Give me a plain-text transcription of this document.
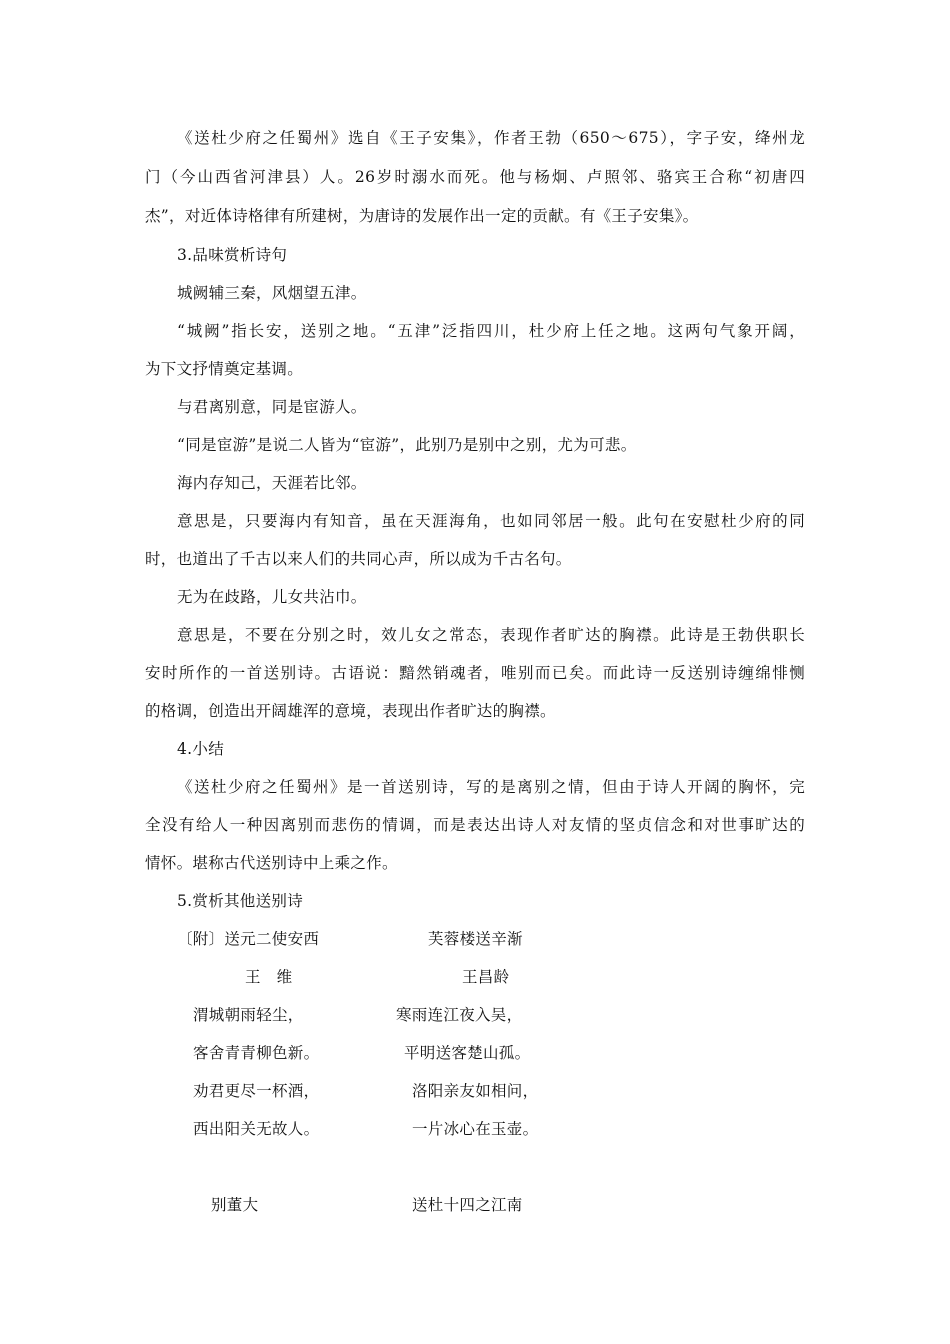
《送杜少府之任蜀州》选自《王子安集》，作者王勃（650～675），字子安，绛州龙
门（今山西省河津县）人。26岁时溺水而死。他与杨炯、卢照邻、骆宾王合称“初唐四
杰”，对近体诗格律有所建树，为唐诗的发展作出一定的贡献。有《王子安集》。
3.品味赏析诗句
城阙辅三秦，风烟望五津。
“城阙”指长安，送别之地。“五津”泛指四川，杜少府上任之地。这两句气象开阔，
为下文抒情奠定基调。
与君离别意，同是宦游人。
“同是宦游”是说二人皆为“宦游”，此别乃是别中之别，尤为可悲。
海内存知己，天涯若比邻。
意思是，只要海内有知音，虽在天涯海角，也如同邻居一般。此句在安慰杜少府的同
时，也道出了千古以来人们的共同心声，所以成为千古名句。
无为在歧路，儿女共沾巾。
意思是，不要在分别之时，效儿女之常态，表现作者旷达的胸襟。此诗是王勃供职长
安时所作的一首送别诗。古语说：黯然销魂者，唯别而已矣。而此诗一反送别诗缠绵悱恻
的格调，创造出开阔雄浑的意境，表现出作者旷达的胸襟。
4.小结
《送杜少府之任蜀州》是一首送别诗，写的是离别之情，但由于诗人开阔的胸怀，完
全没有给人一种因离别而悲伤的情调，而是表达出诗人对友情的坚贞信念和对世事旷达的
情怀。堪称古代送别诗中上乘之作。
5.赏析其他送别诗
〔附〕送元二使安西	芙蓉楼送辛渐
王　维	王昌龄
渭城朝雨轻尘，	寒雨连江夜入吴，
客舍青青柳色新。	平明送客楚山孤。
劝君更尽一杯酒，	洛阳亲友如相问，
西出阳关无故人。	一片冰心在玉壶。
别董大	送杜十四之江南
